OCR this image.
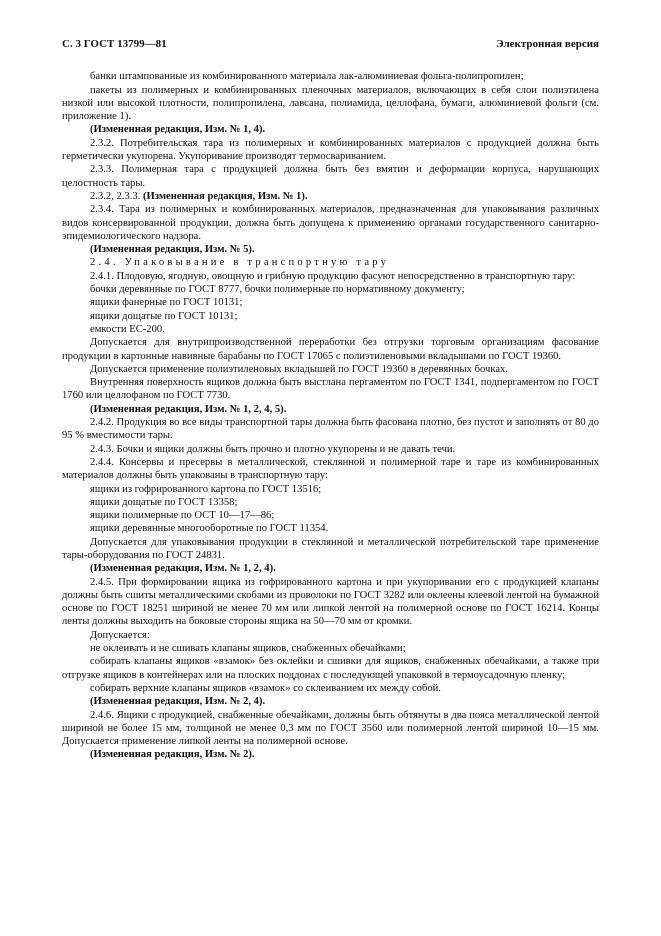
С. 3 ГОСТ 13799—81	Электронная версия

банки штампованные из комбинированного материала лак-алюминиевая фольга-полипропилен;

пакеты из полимерных и комбинированных пленочных материалов, включающих в себя слои полиэтилена низкой или высокой плотности, полипропилена, лавсана, полиамида, целлофана, бумаги, алюминиевой фольги (см. приложение 1).

(Измененная редакция, Изм. № 1, 4).

2.3.2. Потребительская тара из полимерных и комбинированных материалов с продукцией должна быть герметически укупорена. Укупоривание производят термосвариванием.

2.3.3. Полимерная тара с продукцией должна быть без вмятин и деформации корпуса, нарушающих целостность тары.

2.3.2, 2.3.3. (Измененная редакция, Изм. № 1).

2.3.4. Тара из полимерных и комбинированных материалов, предназначенная для упаковывания различных видов консервированной продукции, должна быть допущена к применению органами государственного санитарно-эпидемиологического надзора.

(Измененная редакция, Изм. № 5).

2.4. Упаковывание в транспортную тару

2.4.1. Плодовую, ягодную, овощную и грибную продукцию фасуют непосредственно в транспортную тару:

бочки деревянные по ГОСТ 8777, бочки полимерные по нормативному документу;

ящики фанерные по ГОСТ 10131;

ящики дощатые по ГОСТ 10131;

емкости ЕС-200.

Допускается для внутрипроизводственной переработки без отгрузки торговым организациям фасование продукции в картонные навивные барабаны по ГОСТ 17065 с полиэтиленовыми вкладышами по ГОСТ 19360.

Допускается применение полиэтиленовых вкладышей по ГОСТ 19360 в деревянных бочках.

Внутренняя поверхность ящиков должна быть выстлана пергаментом по ГОСТ 1341, подпергаментом по ГОСТ 1760 или целлофаном по ГОСТ 7730.

(Измененная редакция, Изм. № 1, 2, 4, 5).

2.4.2. Продукция во все виды транспортной тары должна быть фасована плотно, без пустот и заполнять от 80 до 95 % вместимости тары.

2.4.3. Бочки и ящики должны быть прочно и плотно укупорены и не давать течи.

2.4.4. Консервы и пресервы в металлической, стеклянной и полимерной таре и таре из комбинированных материалов должны быть упакованы в транспортную тару:

ящики из гофрированного картона по ГОСТ 13516;

ящики дощатые по ГОСТ 13358;

ящики полимерные по ОСТ 10—17—86;

ящики деревянные многооборотные по ГОСТ 11354.

Допускается для упаковывания продукции в стеклянной и металлической потребительской таре применение тары-оборудования по ГОСТ 24831.

(Измененная редакция, Изм. № 1, 2, 4).

2.4.5. При формировании ящика из гофрированного картона и при укупоривании его с продукцией клапаны должны быть сшиты металлическими скобами из проволоки по ГОСТ 3282 или оклеены клеевой лентой на бумажной основе по ГОСТ 18251 шириной не менее 70 мм или липкой лентой на полимерной основе по ГОСТ 16214. Концы ленты должны выходить на боковые стороны ящика на 50—70 мм от кромки.

Допускается:

не оклеивать и не сшивать клапаны ящиков, снабженных обечайками;

собирать клапаны ящиков «взамок» без оклейки и сшивки для ящиков, снабженных обечайками, а также при отгрузке ящиков в контейнерах или на плоских поддонах с последующей упаковкой в термоусадочную пленку;

собирать верхние клапаны ящиков «взамок» со склеиванием их между собой.

(Измененная редакция, Изм. № 2, 4).

2.4.6. Ящики с продукцией, снабженные обечайками, должны быть обтянуты в два пояса металлической лентой шириной не более 15 мм, толщиной не менее 0,3 мм по ГОСТ 3560 или полимерной лентой шириной 10—15 мм. Допускается применение липкой ленты на полимерной основе.

(Измененная редакция, Изм. № 2).
